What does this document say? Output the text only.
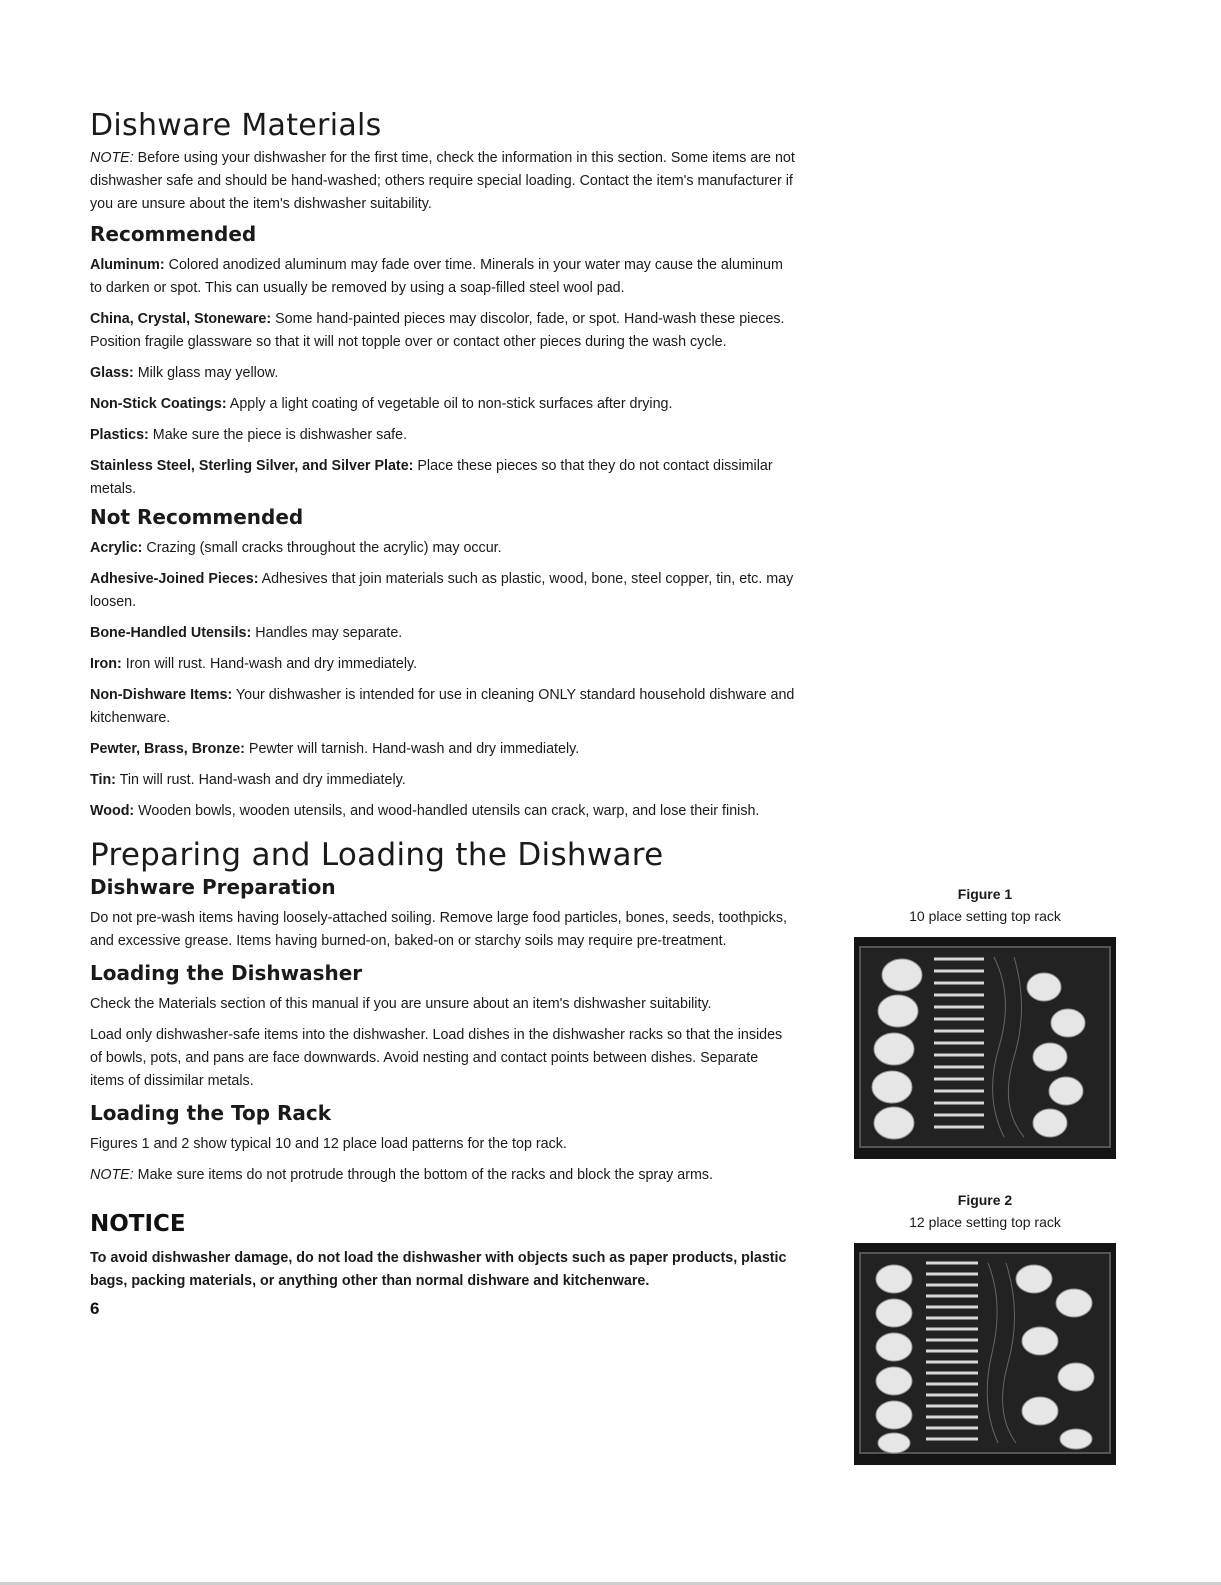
Dishware Materials

NOTE: Before using your dishwasher for the first time, check the information in this section. Some items are not dishwasher safe and should be hand-washed; others require special loading. Contact the item's manufacturer if you are unsure about the item's dishwasher suitability.

Recommended

Aluminum: Colored anodized aluminum may fade over time. Minerals in your water may cause the aluminum to darken or spot. This can usually be removed by using a soap-filled steel wool pad.

China, Crystal, Stoneware: Some hand-painted pieces may discolor, fade, or spot. Hand-wash these pieces. Position fragile glassware so that it will not topple over or contact other pieces during the wash cycle.

Glass: Milk glass may yellow.

Non-Stick Coatings: Apply a light coating of vegetable oil to non-stick surfaces after drying.

Plastics: Make sure the piece is dishwasher safe.

Stainless Steel, Sterling Silver, and Silver Plate: Place these pieces so that they do not contact dissimilar metals.

Not Recommended

Acrylic: Crazing (small cracks throughout the acrylic) may occur.

Adhesive-Joined Pieces: Adhesives that join materials such as plastic, wood, bone, steel copper, tin, etc. may loosen.

Bone-Handled Utensils: Handles may separate.

Iron: Iron will rust. Hand-wash and dry immediately.

Non-Dishware Items: Your dishwasher is intended for use in cleaning ONLY standard household dishware and kitchenware.

Pewter, Brass, Bronze: Pewter will tarnish. Hand-wash and dry immediately.

Tin: Tin will rust. Hand-wash and dry immediately.

Wood: Wooden bowls, wooden utensils, and wood-handled utensils can crack, warp, and lose their finish.

Preparing and Loading the Dishware
Dishware Preparation

Do not pre-wash items having loosely-attached soiling. Remove large food particles, bones, seeds, toothpicks, and excessive grease. Items having burned-on, baked-on or starchy soils may require pre-treatment.

Loading the Dishwasher

Check the Materials section of this manual if you are unsure about an item's dishwasher suitability.

Load only dishwasher-safe items into the dishwasher. Load dishes in the dishwasher racks so that the insides of bowls, pots, and pans are face downwards. Avoid nesting and contact points between dishes. Separate items of dissimilar metals.

Loading the Top Rack

Figures 1 and 2 show typical 10 and 12 place load patterns for the top rack.

NOTE: Make sure items do not protrude through the bottom of the racks and block the spray arms.

NOTICE

To avoid dishwasher damage, do not load the dishwasher with objects such as paper products, plastic bags, packing materials, or anything other than normal dishware and kitchenware.

6
Figure 1
10 place setting top rack
Figure 2
12 place setting top rack
